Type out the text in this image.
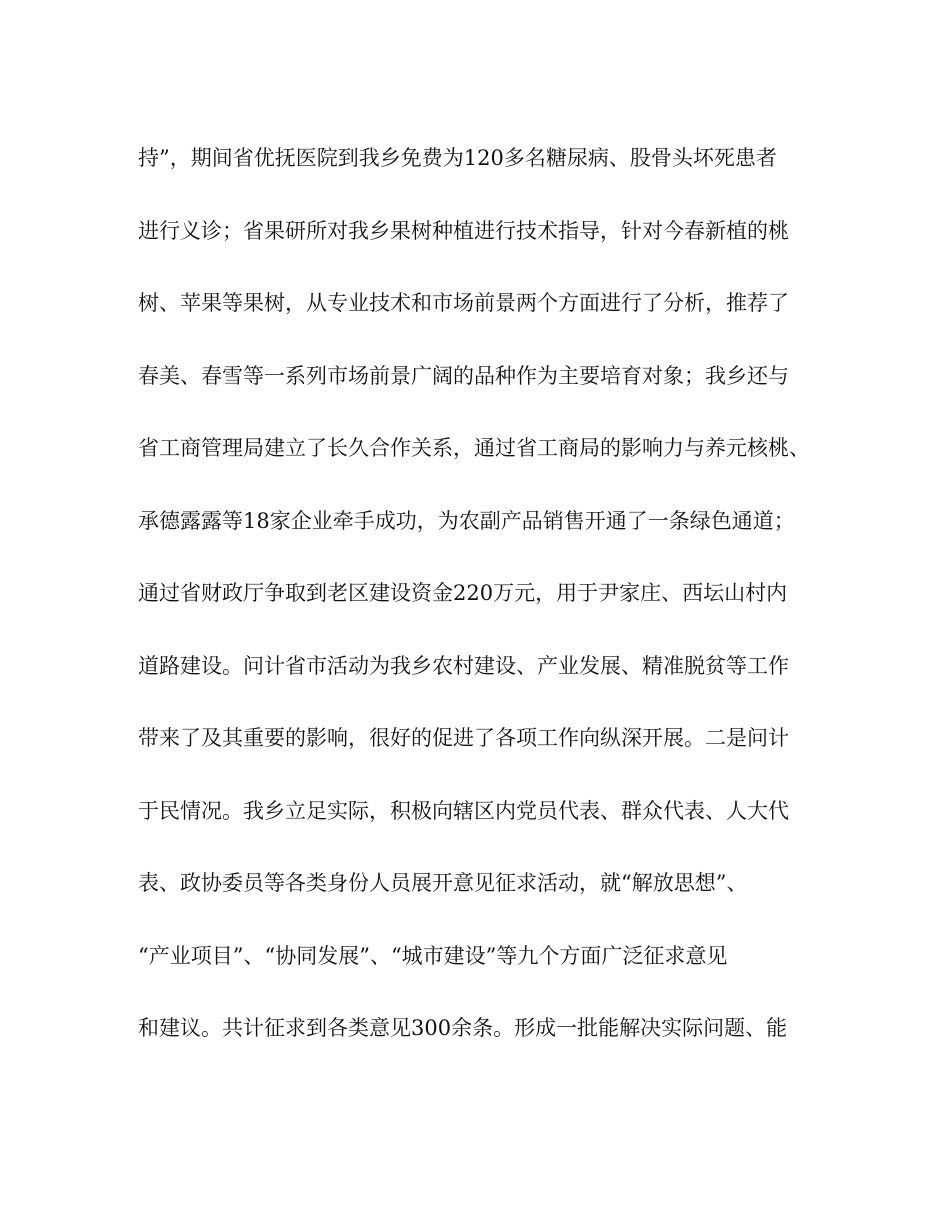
持”，期间省优抚医院到我乡免费为120多名糖尿病、股骨头坏死患者
进行义诊；省果研所对我乡果树种植进行技术指导，针对今春新植的桃
树、苹果等果树，从专业技术和市场前景两个方面进行了分析，推荐了
春美、春雪等一系列市场前景广阔的品种作为主要培育对象；我乡还与
省工商管理局建立了长久合作关系，通过省工商局的影响力与养元核桃、
承德露露等18家企业牵手成功，为农副产品销售开通了一条绿色通道；
通过省财政厅争取到老区建设资金220万元，用于尹家庄、西坛山村内
道路建设。问计省市活动为我乡农村建设、产业发展、精准脱贫等工作
带来了及其重要的影响，很好的促进了各项工作向纵深开展。二是问计
于民情况。我乡立足实际，积极向辖区内党员代表、群众代表、人大代
表、政协委员等各类身份人员展开意见征求活动，就“解放思想”、
“产业项目”、“协同发展”、“城市建设”等九个方面广泛征求意见
和建议。共计征求到各类意见300余条。形成一批能解决实际问题、能
